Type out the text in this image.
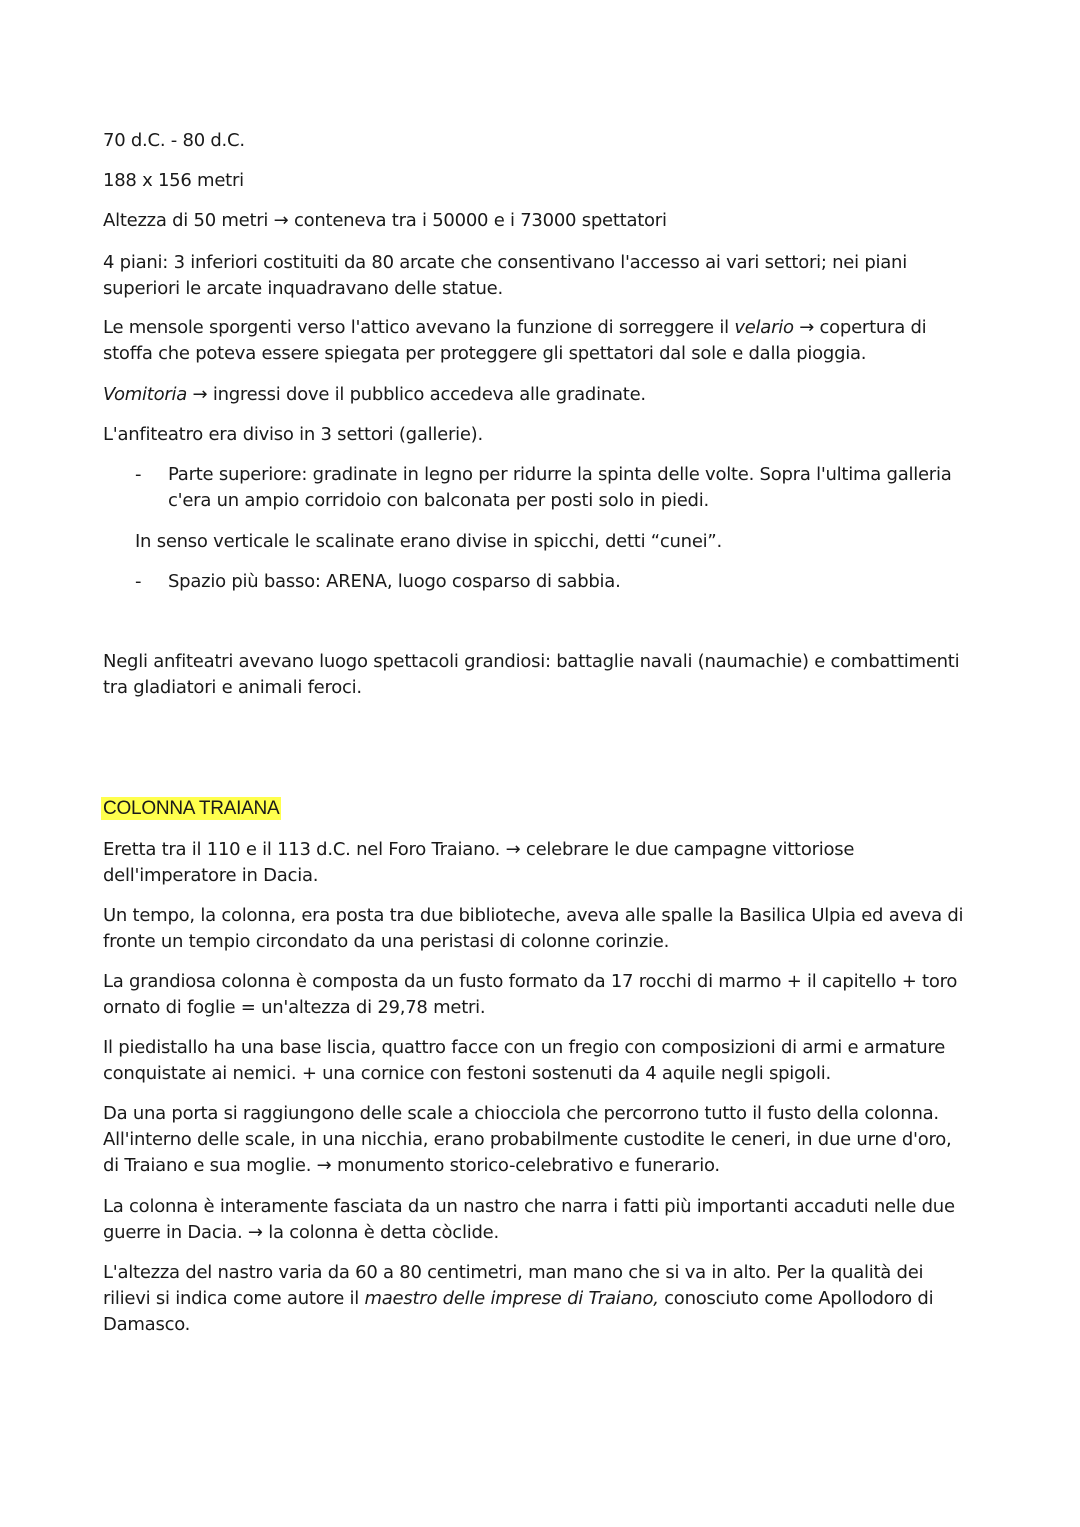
70 d.C. - 80 d.C.

188 x 156 metri

Altezza di 50 metri → conteneva tra i 50000 e i 73000 spettatori

4 piani: 3 inferiori costituiti da 80 arcate che consentivano l'accesso ai vari settori; nei piani
superiori le arcate inquadravano delle statue.

Le mensole sporgenti verso l'attico avevano la funzione di sorreggere il velario → copertura di
stoffa che poteva essere spiegata per proteggere gli spettatori dal sole e dalla pioggia.

Vomitoria → ingressi dove il pubblico accedeva alle gradinate.

L'anfiteatro era diviso in 3 settori (gallerie).

-	Parte superiore: gradinate in legno per ridurre la spinta delle volte. Sopra l'ultima galleria
c'era un ampio corridoio con balconata per posti solo in piedi.

In senso verticale le scalinate erano divise in spicchi, detti “cunei”.

-	Spazio più basso: ARENA, luogo cosparso di sabbia.

Negli anfiteatri avevano luogo spettacoli grandiosi: battaglie navali (naumachie) e combattimenti
tra gladiatori e animali feroci.

COLONNA TRAIANA

Eretta tra il 110 e il 113 d.C. nel Foro Traiano. → celebrare le due campagne vittoriose
dell'imperatore in Dacia.

Un tempo, la colonna, era posta tra due biblioteche, aveva alle spalle la Basilica Ulpia ed aveva di
fronte un tempio circondato da una peristasi di colonne corinzie.

La grandiosa colonna è composta da un fusto formato da 17 rocchi di marmo + il capitello + toro
ornato di foglie = un'altezza di 29,78 metri.

Il piedistallo ha una base liscia, quattro facce con un fregio con composizioni di armi e armature
conquistate ai nemici. + una cornice con festoni sostenuti da 4 aquile negli spigoli.

Da una porta si raggiungono delle scale a chiocciola che percorrono tutto il fusto della colonna.
All'interno delle scale, in una nicchia, erano probabilmente custodite le ceneri, in due urne d'oro,
di Traiano e sua moglie. → monumento storico-celebrativo e funerario.

La colonna è interamente fasciata da un nastro che narra i fatti più importanti accaduti nelle due
guerre in Dacia. → la colonna è detta còclide.

L'altezza del nastro varia da 60 a 80 centimetri, man mano che si va in alto. Per la qualità dei
rilievi si indica come autore il maestro delle imprese di Traiano, conosciuto come Apollodoro di
Damasco.
